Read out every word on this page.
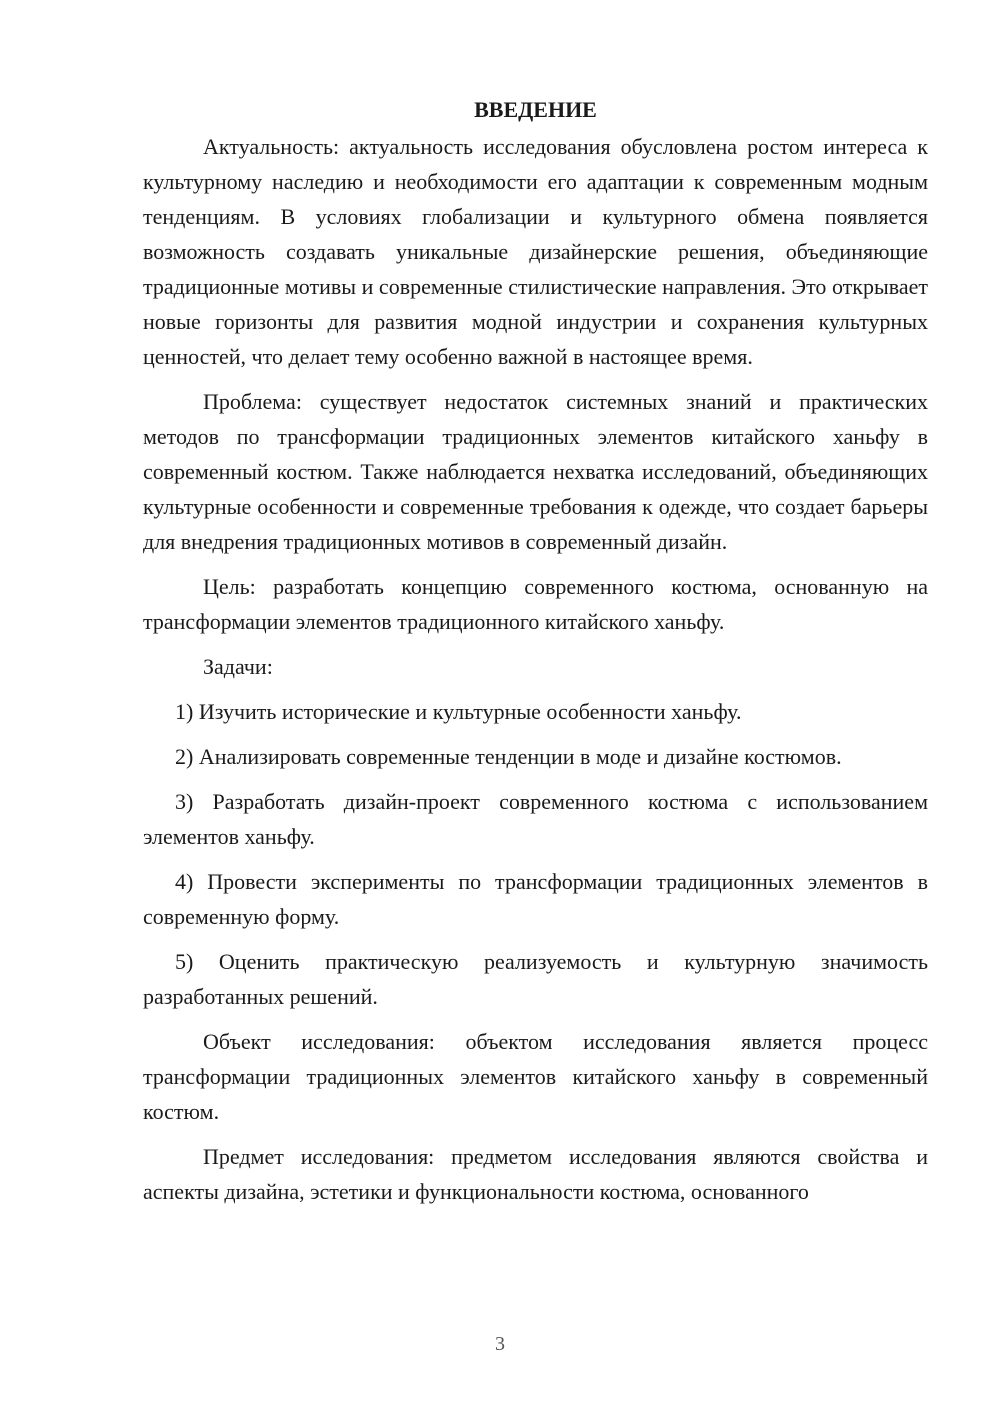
ВВЕДЕНИЕ

Актуальность: актуальность исследования обусловлена ростом интереса к культурному наследию и необходимости его адаптации к современным модным тенденциям. В условиях глобализации и культурного обмена появляется возможность создавать уникальные дизайнерские решения, объединяющие традиционные мотивы и современные стилистические направления. Это открывает новые горизонты для развития модной индустрии и сохранения культурных ценностей, что делает тему особенно важной в настоящее время.

Проблема: существует недостаток системных знаний и практических методов по трансформации традиционных элементов китайского ханьфу в современный костюм. Также наблюдается нехватка исследований, объединяющих культурные особенности и современные требования к одежде, что создает барьеры для внедрения традиционных мотивов в современный дизайн.

Цель: разработать концепцию современного костюма, основанную на трансформации элементов традиционного китайского ханьфу.

Задачи:

1) Изучить исторические и культурные особенности ханьфу.

2) Анализировать современные тенденции в моде и дизайне костюмов.

3) Разработать дизайн-проект современного костюма с использованием элементов ханьфу.

4) Провести эксперименты по трансформации традиционных элементов в современную форму.

5) Оценить практическую реализуемость и культурную значимость разработанных решений.

Объект исследования: объектом исследования является процесс трансформации традиционных элементов китайского ханьфу в современный костюм.

Предмет исследования: предметом исследования являются свойства и аспекты дизайна, эстетики и функциональности костюма, основанного

3
